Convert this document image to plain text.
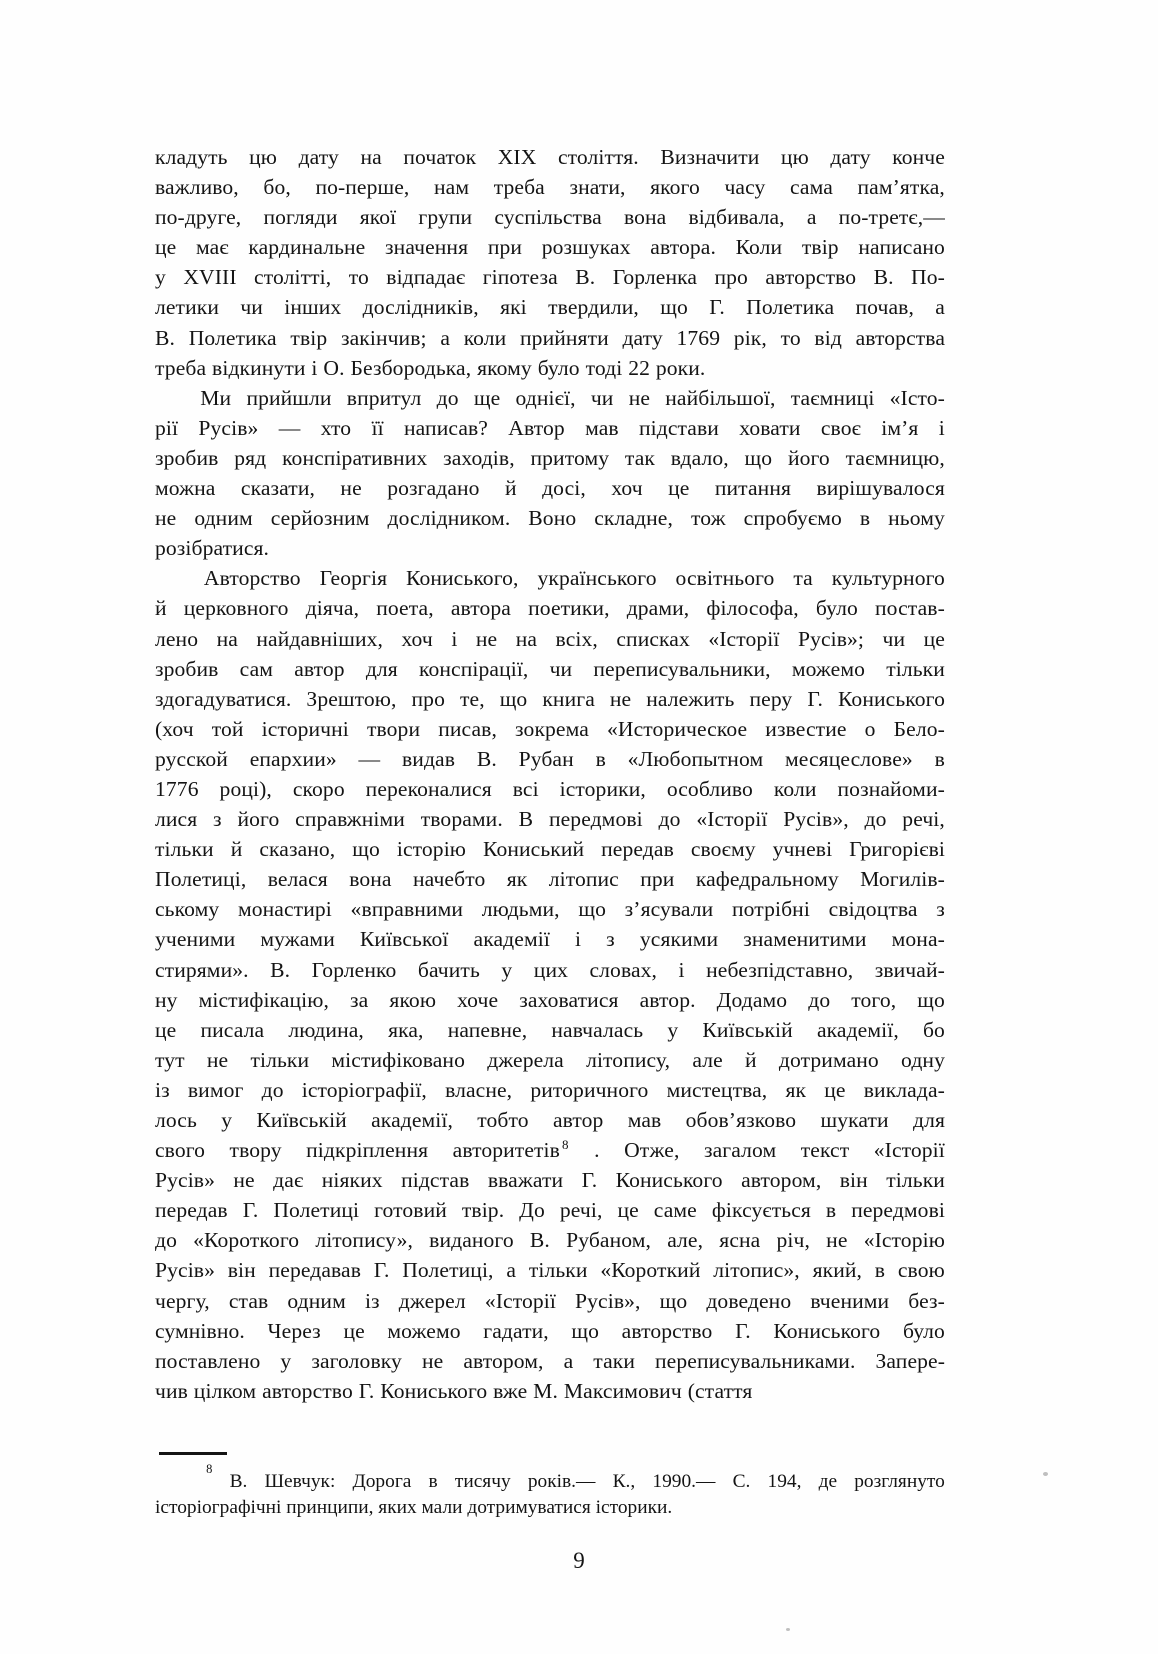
кладуть цю дату на початок XIX століття. Визначити цю дату конче
важливо, бо, по-перше, нам треба знати, якого часу сама пам’ятка,
по-друге, погляди якої групи суспільства вона відбивала, а по-третє,—
це має кардинальне значення при розшуках автора. Коли твір написано
у XVIII столітті, то відпадає гіпотеза В. Горленка про авторство В. По-
летики чи інших дослідників, які твердили, що Г. Полетика почав, а
В. Полетика твір закінчив; а коли прийняти дату 1769 рік, то від авторства
треба відкинути і О. Безбородька, якому було тоді 22 роки.

Ми прийшли впритул до ще однієї, чи не найбільшої, таємниці «Істо-
рії Русів» — хто її написав? Автор мав підстави ховати своє ім’я і
зробив ряд конспіративних заходів, притому так вдало, що його таємницю,
можна сказати, не розгадано й досі, хоч це питання вирішувалося
не одним серйозним дослідником. Воно складне, тож спробуємо в ньому
розібратися.

Авторство Георгія Кониського, українського освітнього та культурного
й церковного діяча, поета, автора поетики, драми, філософа, було постав-
лено на найдавніших, хоч і не на всіх, списках «Історії Русів»; чи це
зробив сам автор для конспірації, чи переписувальники, можемо тільки
здогадуватися. Зрештою, про те, що книга не належить перу Г. Кониського
(хоч той історичні твори писав, зокрема «Историческое известие о Бело-
русской епархии» — видав В. Рубан в «Любопытном месяцеслове» в
1776 році), скоро переконалися всі історики, особливо коли познайоми-
лися з його справжніми творами. В передмові до «Історії Русів», до речі,
тільки й сказано, що історію Кониський передав своєму учневі Григорієві
Полетиці, велася вона начебто як літопис при кафедральному Могилів-
ському монастирі «вправними людьми, що з’ясували потрібні свідоцтва з
ученими мужами Київської академії і з усякими знаменитими мона-
стирями». В. Горленко бачить у цих словах, і небезпідставно, звичай-
ну містифікацію, за якою хоче заховатися автор. Додамо до того, що
це писала людина, яка, напевне, навчалась у Київській академії, бо
тут не тільки містифіковано джерела літопису, але й дотримано одну
із вимог до історіографії, власне, риторичного мистецтва, як це виклада-
лось у Київській академії, тобто автор мав обов’язково шукати для
свого твору підкріплення авторитетів $^8$ . Отже, загалом текст «Історії
Русів» не дає ніяких підстав вважати Г. Кониського автором, він тільки
передав Г. Полетиці готовий твір. До речі, це саме фіксується в передмові
до «Короткого літопису», виданого В. Рубаном, але, ясна річ, не «Історію
Русів» він передавав Г. Полетиці, а тільки «Короткий літопис», який, в свою
чергу, став одним із джерел «Історії Русів», що доведено вченими без-
сумнівно. Через це можемо гадати, що авторство Г. Кониського було
поставлено у заголовку не автором, а таки переписувальниками. Запере-
чив цілком авторство Г. Кониського вже М. Максимович (стаття

8
В. Шевчук: Дорога в тисячу років.— К., 1990.— С. 194, де розглянуто
історіографічні принципи, яких мали дотримуватися історики.

9
